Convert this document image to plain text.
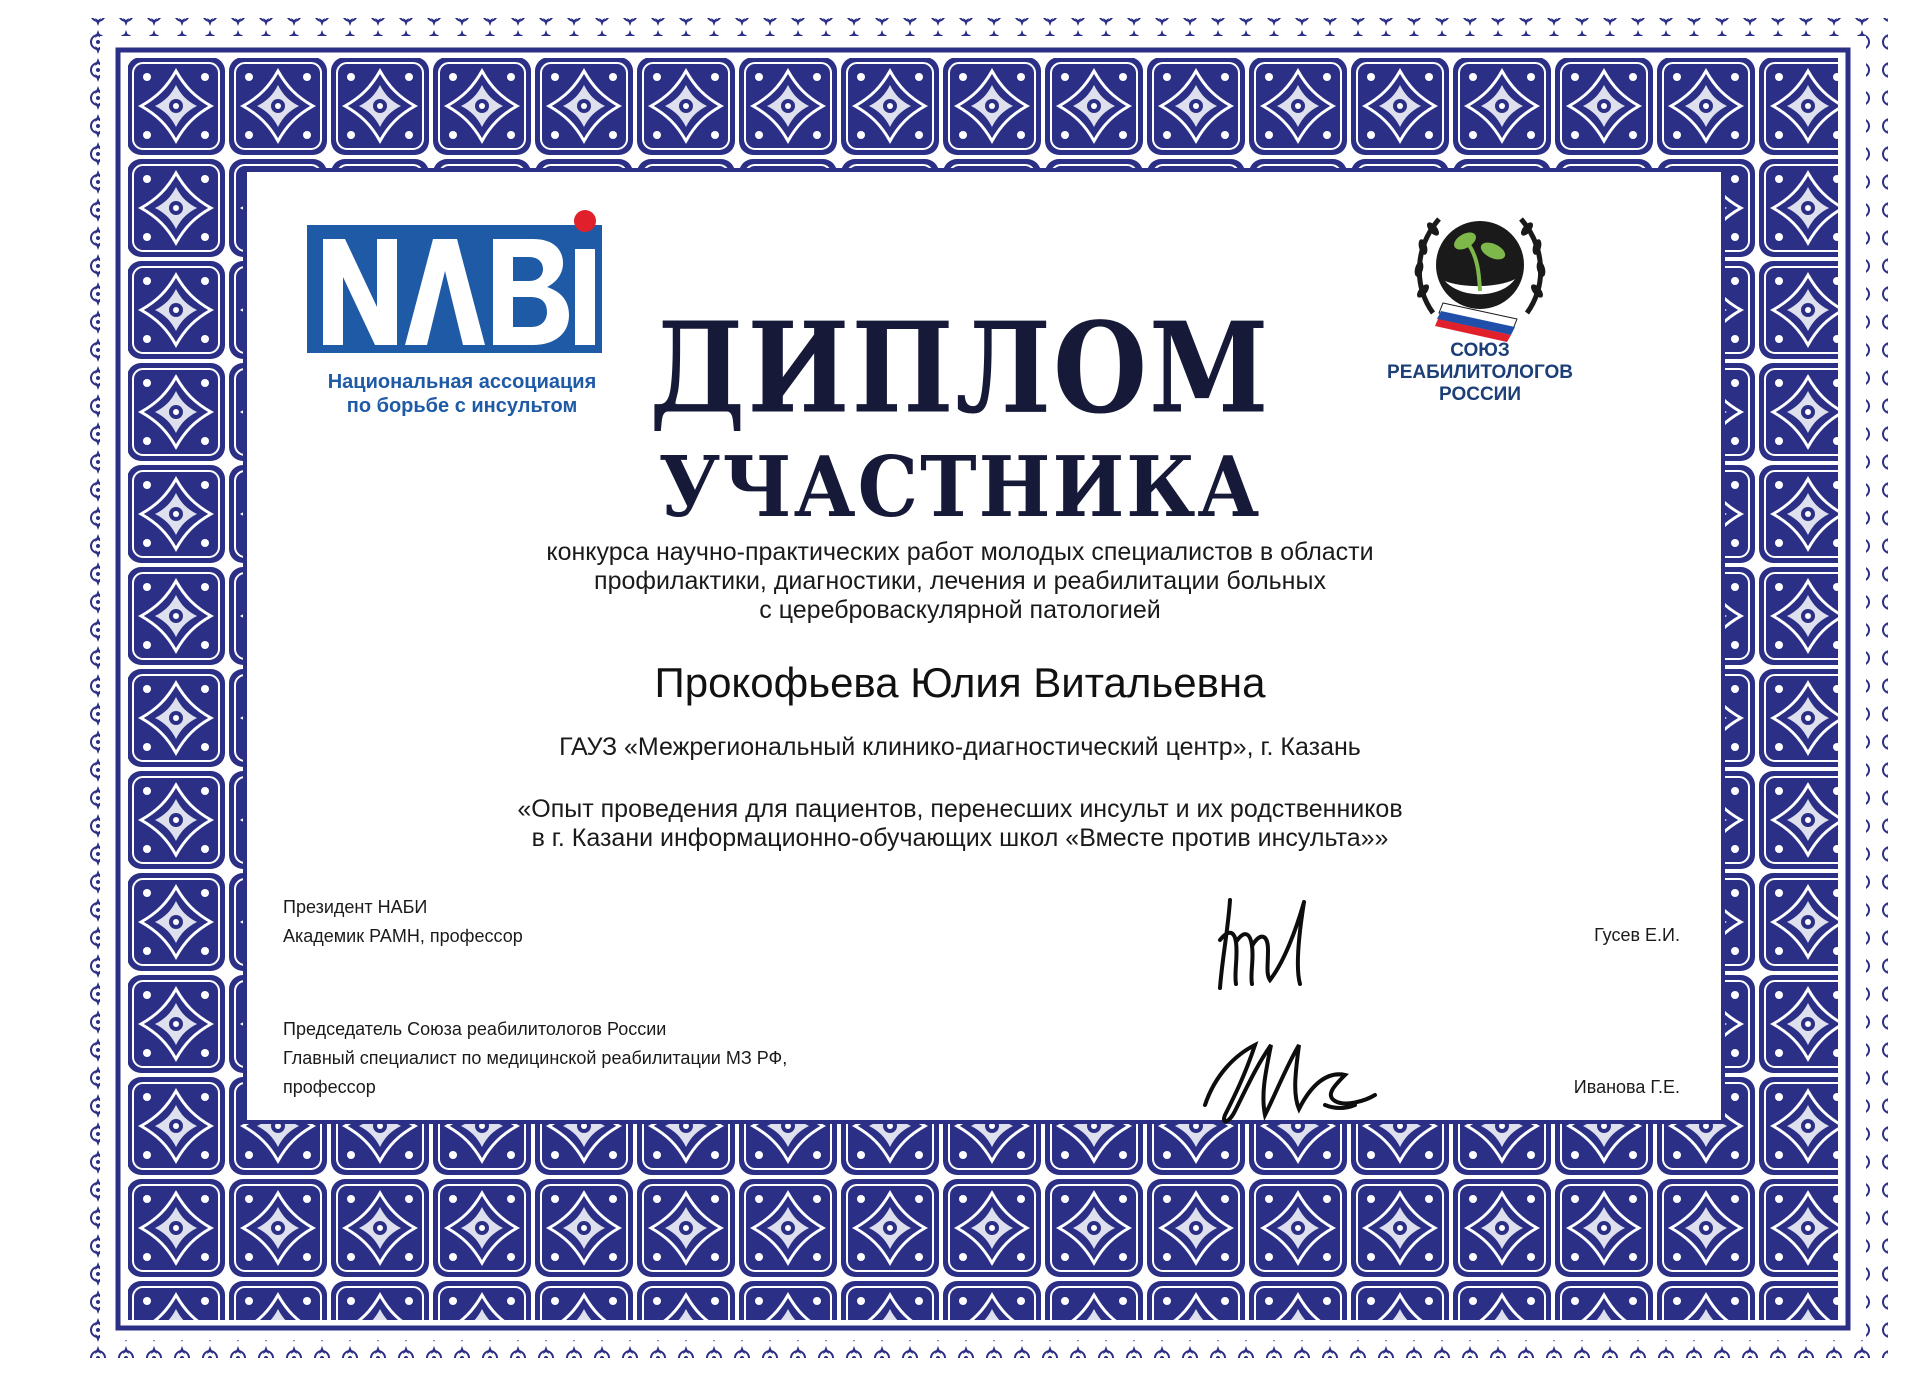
Национальная ассоциация
по борьбе с инсультом
СОЮЗ
РЕАБИЛИТОЛОГОВ
РОССИИ
ДИПЛОМ
УЧАСТНИКА
конкурса научно-практических работ молодых специалистов в области
профилактики, диагностики, лечения и реабилитации больных
с цереброваскулярной патологией
Прокофьева Юлия Витальевна
ГАУЗ «Межрегиональный клинико-диагностический центр», г. Казань
«Опыт проведения для пациентов, перенесших инсульт и их родственников
в г. Казани информационно-обучающих школ «Вместе против инсульта»»
Президент НАБИ
Академик РАМН, профессор	Гусев Е.И.
Председатель Союза реабилитологов России
Главный специалист по медицинской реабилитации МЗ РФ,
профессор	Иванова Г.Е.
